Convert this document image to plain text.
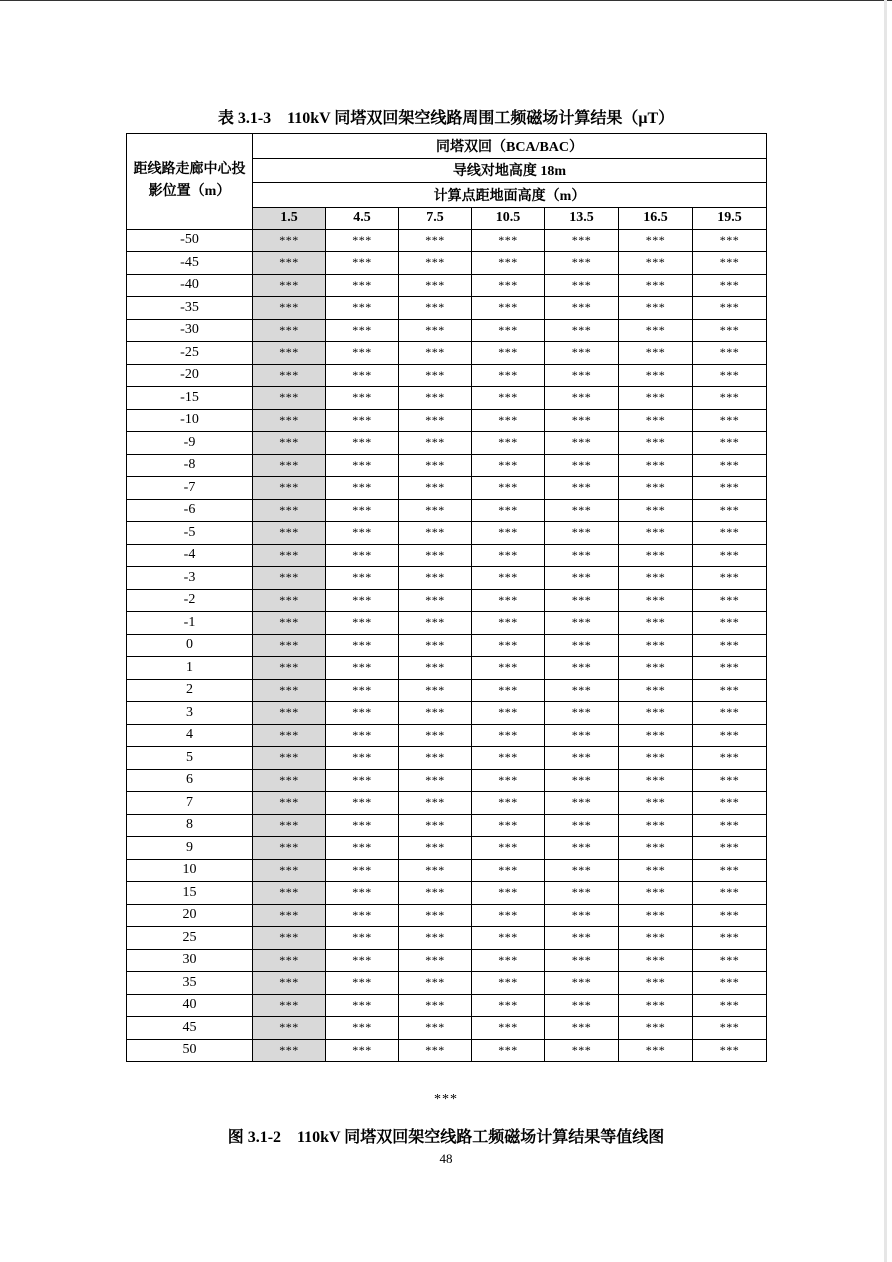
表 3.1-3　110kV 同塔双回架空线路周围工频磁场计算结果（μT）
距线路走廊中心投影位置（m）	同塔双回（BCA/BAC）						
	导线对地高度 18m						
	计算点距地面高度（m）						
	1.5	4.5	7.5	10.5	13.5	16.5	19.5
-50	***	***	***	***	***	***	***
-45	***	***	***	***	***	***	***
-40	***	***	***	***	***	***	***
-35	***	***	***	***	***	***	***
-30	***	***	***	***	***	***	***
-25	***	***	***	***	***	***	***
-20	***	***	***	***	***	***	***
-15	***	***	***	***	***	***	***
-10	***	***	***	***	***	***	***
-9	***	***	***	***	***	***	***
-8	***	***	***	***	***	***	***
-7	***	***	***	***	***	***	***
-6	***	***	***	***	***	***	***
-5	***	***	***	***	***	***	***
-4	***	***	***	***	***	***	***
-3	***	***	***	***	***	***	***
-2	***	***	***	***	***	***	***
-1	***	***	***	***	***	***	***
0	***	***	***	***	***	***	***
1	***	***	***	***	***	***	***
2	***	***	***	***	***	***	***
3	***	***	***	***	***	***	***
4	***	***	***	***	***	***	***
5	***	***	***	***	***	***	***
6	***	***	***	***	***	***	***
7	***	***	***	***	***	***	***
8	***	***	***	***	***	***	***
9	***	***	***	***	***	***	***
10	***	***	***	***	***	***	***
15	***	***	***	***	***	***	***
20	***	***	***	***	***	***	***
25	***	***	***	***	***	***	***
30	***	***	***	***	***	***	***
35	***	***	***	***	***	***	***
40	***	***	***	***	***	***	***
45	***	***	***	***	***	***	***
50	***	***	***	***	***	***	***
***
图 3.1-2　110kV 同塔双回架空线路工频磁场计算结果等值线图
48
